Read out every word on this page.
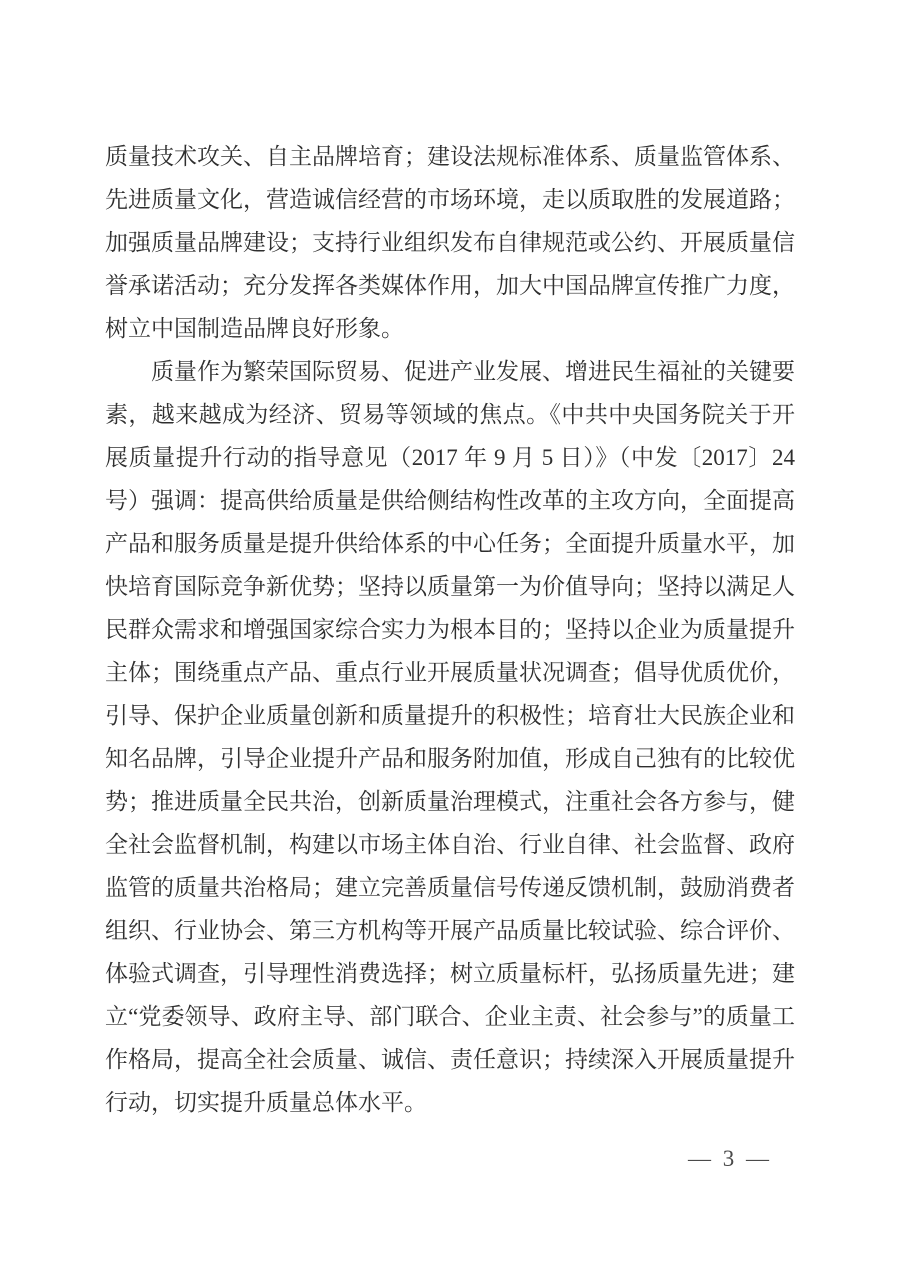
质量技术攻关、自主品牌培育；建设法规标准体系、质量监管体系、先进质量文化，营造诚信经营的市场环境，走以质取胜的发展道路；加强质量品牌建设；支持行业组织发布自律规范或公约、开展质量信誉承诺活动；充分发挥各类媒体作用，加大中国品牌宣传推广力度，树立中国制造品牌良好形象。

质量作为繁荣国际贸易、促进产业发展、增进民生福祉的关键要素，越来越成为经济、贸易等领域的焦点。《中共中央国务院关于开展质量提升行动的指导意见（2017 年 9 月 5 日）》（中发〔2017〕24 号）强调：提高供给质量是供给侧结构性改革的主攻方向，全面提高产品和服务质量是提升供给体系的中心任务；全面提升质量水平，加快培育国际竞争新优势；坚持以质量第一为价值导向；坚持以满足人民群众需求和增强国家综合实力为根本目的；坚持以企业为质量提升主体；围绕重点产品、重点行业开展质量状况调查；倡导优质优价，引导、保护企业质量创新和质量提升的积极性；培育壮大民族企业和知名品牌，引导企业提升产品和服务附加值，形成自己独有的比较优势；推进质量全民共治，创新质量治理模式，注重社会各方参与，健全社会监督机制，构建以市场主体自治、行业自律、社会监督、政府监管的质量共治格局；建立完善质量信号传递反馈机制，鼓励消费者组织、行业协会、第三方机构等开展产品质量比较试验、综合评价、体验式调查，引导理性消费选择；树立质量标杆，弘扬质量先进；建立“党委领导、政府主导、部门联合、企业主责、社会参与”的质量工作格局，提高全社会质量、诚信、责任意识；持续深入开展质量提升行动，切实提升质量总体水平。

— 3 —
